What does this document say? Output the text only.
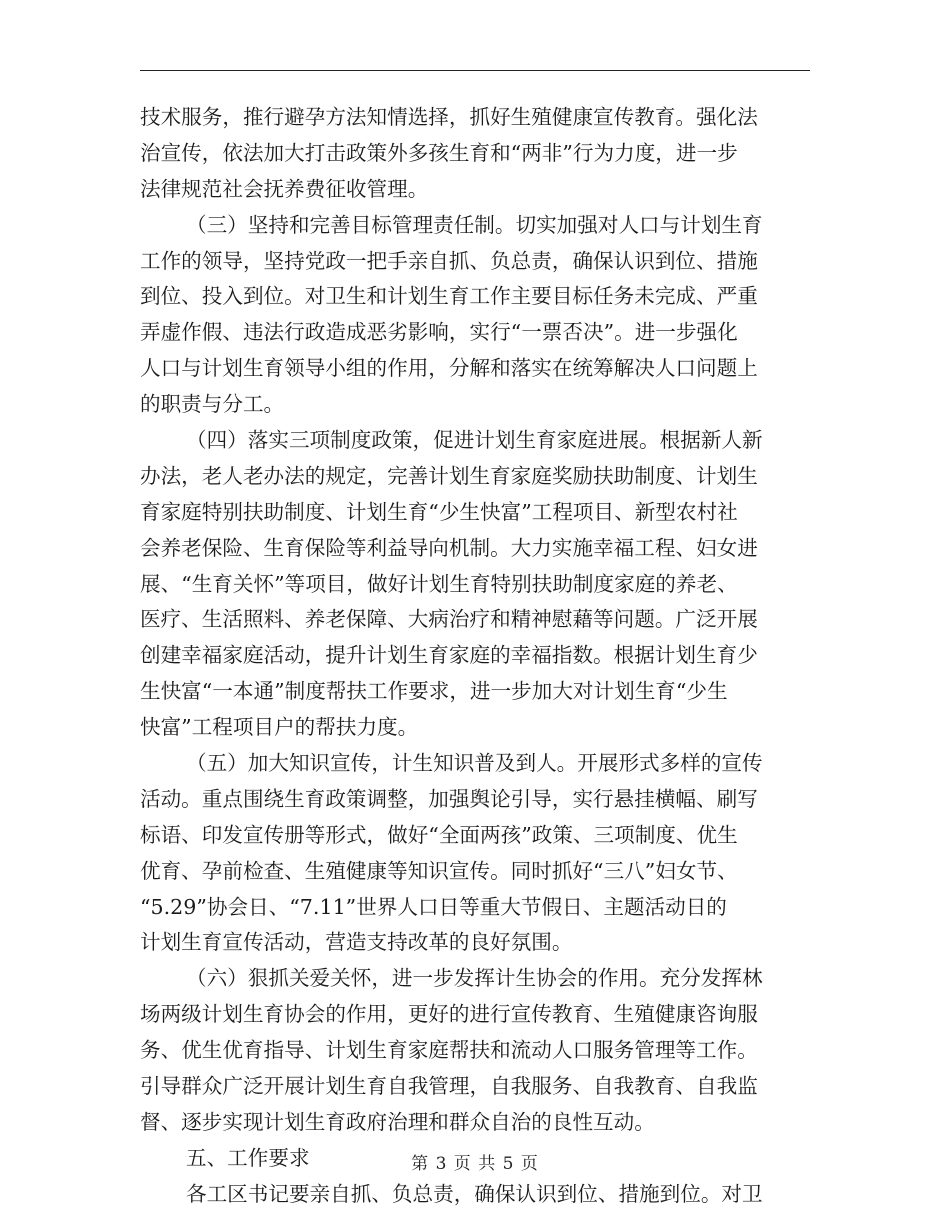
技术服务，推行避孕方法知情选择，抓好生殖健康宣传教育。强化法
治宣传，依法加大打击政策外多孩生育和“两非”行为力度，进一步
法律规范社会抚养费征收管理。
（三）坚持和完善目标管理责任制。切实加强对人口与计划生育
工作的领导，坚持党政一把手亲自抓、负总责，确保认识到位、措施
到位、投入到位。对卫生和计划生育工作主要目标任务未完成、严重
弄虚作假、违法行政造成恶劣影响，实行“一票否决”。进一步强化
人口与计划生育领导小组的作用，分解和落实在统筹解决人口问题上
的职责与分工。
（四）落实三项制度政策，促进计划生育家庭进展。根据新人新
办法，老人老办法的规定，完善计划生育家庭奖励扶助制度、计划生
育家庭特别扶助制度、计划生育“少生快富”工程项目、新型农村社
会养老保险、生育保险等利益导向机制。大力实施幸福工程、妇女进
展、“生育关怀”等项目，做好计划生育特别扶助制度家庭的养老、
医疗、生活照料、养老保障、大病治疗和精神慰藉等问题。广泛开展
创建幸福家庭活动，提升计划生育家庭的幸福指数。根据计划生育少
生快富“一本通”制度帮扶工作要求，进一步加大对计划生育“少生
快富”工程项目户的帮扶力度。
（五）加大知识宣传，计生知识普及到人。开展形式多样的宣传
活动。重点围绕生育政策调整，加强舆论引导，实行悬挂横幅、刷写
标语、印发宣传册等形式，做好“全面两孩”政策、三项制度、优生
优育、孕前检查、生殖健康等知识宣传。同时抓好“三八”妇女节、
“5.29”协会日、“7.11”世界人口日等重大节假日、主题活动日的
计划生育宣传活动，营造支持改革的良好氛围。
（六）狠抓关爱关怀，进一步发挥计生协会的作用。充分发挥林
场两级计划生育协会的作用，更好的进行宣传教育、生殖健康咨询服
务、优生优育指导、计划生育家庭帮扶和流动人口服务管理等工作。
引导群众广泛开展计划生育自我管理，自我服务、自我教育、自我监
督、逐步实现计划生育政府治理和群众自治的良性互动。
五、工作要求
各工区书记要亲自抓、负总责，确保认识到位、措施到位。对卫
第 3 页 共 5 页
